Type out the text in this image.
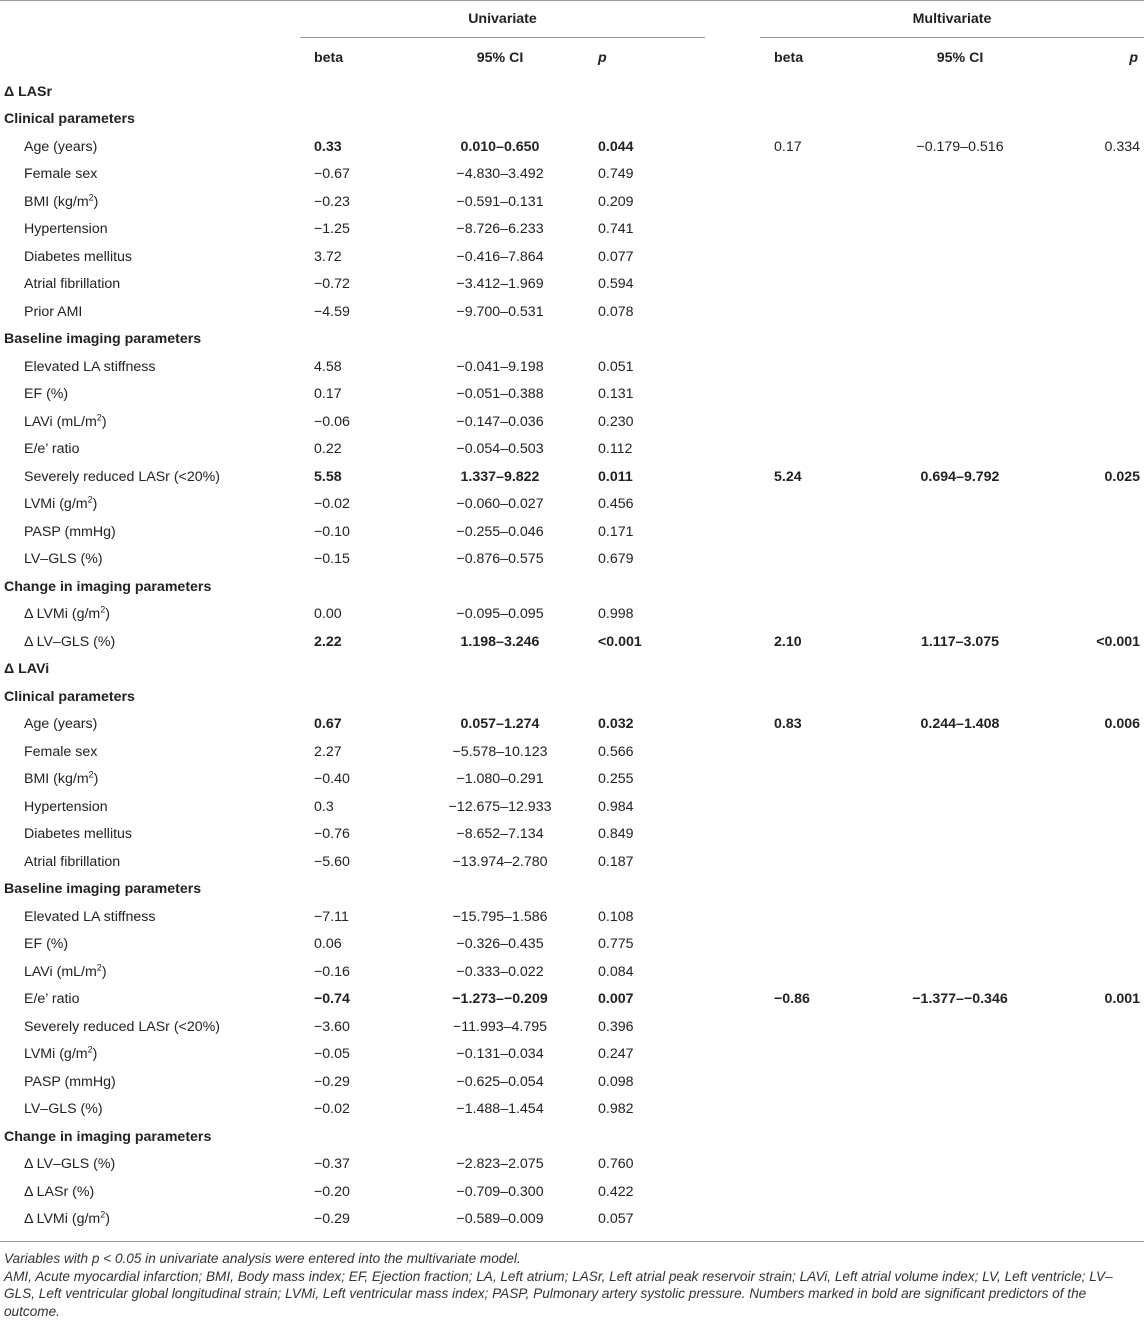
	Univariate				Multivariate		
	beta	95% CI	p		beta	95% CI	p
Δ LASr							
Clinical parameters							
Age (years)	0.33	0.010–0.650	0.044		0.17	−0.179–0.516	0.334
Female sex	−0.67	−4.830–3.492	0.749				
BMI $(kg/m^2)$	−0.23	−0.591–0.131	0.209				
Hypertension	−1.25	−8.726–6.233	0.741				
Diabetes mellitus	3.72	−0.416–7.864	0.077				
Atrial fibrillation	−0.72	−3.412–1.969	0.594				
Prior AMI	−4.59	−9.700–0.531	0.078				
Baseline imaging parameters							
Elevated LA stiffness	4.58	−0.041–9.198	0.051				
EF (%)	0.17	−0.051–0.388	0.131				
LAVi $(mL/m^2)$	−0.06	−0.147–0.036	0.230				
E/e’ ratio	0.22	−0.054–0.503	0.112				
Severely reduced LASr (<20%)	5.58	1.337–9.822	0.011		5.24	0.694–9.792	0.025
LVMi $(g/m^2)$	−0.02	−0.060–0.027	0.456				
PASP (mmHg)	−0.10	−0.255–0.046	0.171				
LV–GLS (%)	−0.15	−0.876–0.575	0.679				
Change in imaging parameters							
Δ LVMi $(g/m^2)$	0.00	−0.095–0.095	0.998				
Δ LV–GLS (%)	2.22	1.198–3.246	<0.001		2.10	1.117–3.075	<0.001
Δ LAVi							
Clinical parameters							
Age (years)	0.67	0.057–1.274	0.032		0.83	0.244–1.408	0.006
Female sex	2.27	−5.578–10.123	0.566				
BMI $(kg/m^2)$	−0.40	−1.080–0.291	0.255				
Hypertension	0.3	−12.675–12.933	0.984				
Diabetes mellitus	−0.76	−8.652–7.134	0.849				
Atrial fibrillation	−5.60	−13.974–2.780	0.187				
Baseline imaging parameters							
Elevated LA stiffness	−7.11	−15.795–1.586	0.108				
EF (%)	0.06	−0.326–0.435	0.775				
LAVi $(mL/m^2)$	−0.16	−0.333–0.022	0.084				
E/e’ ratio	−0.74	−1.273–−0.209	0.007		−0.86	−1.377–−0.346	0.001
Severely reduced LASr (<20%)	−3.60	−11.993–4.795	0.396				
LVMi $(g/m^2)$	−0.05	−0.131–0.034	0.247				
PASP (mmHg)	−0.29	−0.625–0.054	0.098				
LV–GLS (%)	−0.02	−1.488–1.454	0.982				
Change in imaging parameters							
Δ LV–GLS (%)	−0.37	−2.823–2.075	0.760				
Δ LASr (%)	−0.20	−0.709–0.300	0.422				
Δ LVMi $(g/m^2)$	−0.29	−0.589–0.009	0.057				

Variables with p < 0.05 in univariate analysis were entered into the multivariate model.

AMI, Acute myocardial infarction; BMI, Body mass index; EF, Ejection fraction; LA, Left atrium; LASr, Left atrial peak reservoir strain; LAVi, Left atrial volume index; LV, Left ventricle; LV–GLS, Left ventricular global longitudinal strain; LVMi, Left ventricular mass index; PASP, Pulmonary artery systolic pressure. Numbers marked in bold are significant predictors of the outcome.
